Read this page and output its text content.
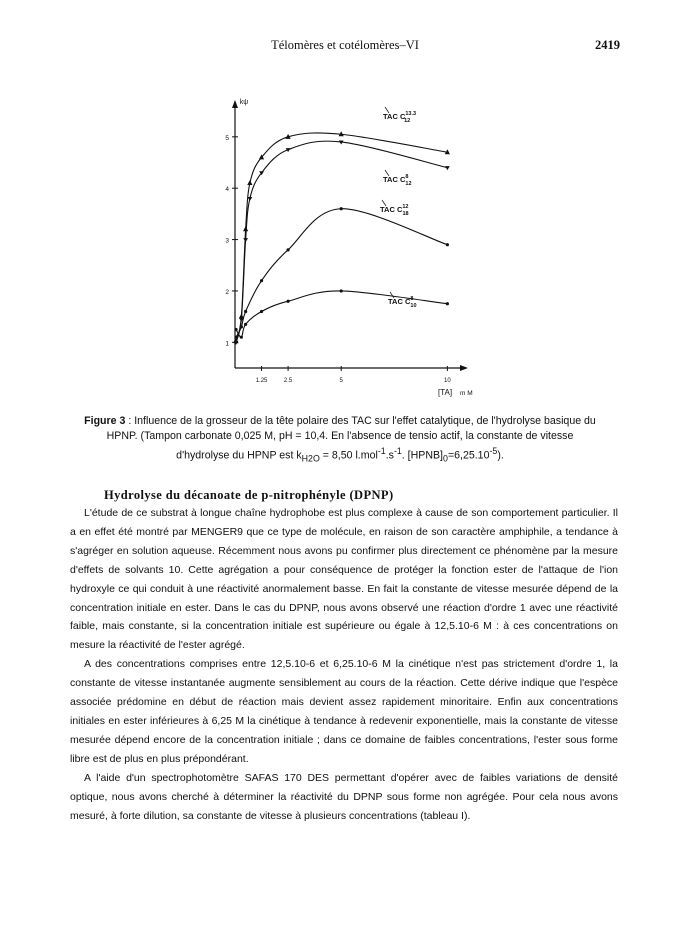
Télomères et cotélomères–VI	2419
kψ
1
2
3
4
5
1.25	2.5	5	10
[TA] m M
TAC $C^{13.3}$ 12
TAC $C^8$ 12
TAC $C^{12}$ 18
TAC $C^8$ 10
Figure 3 : Influence de la grosseur de la tête polaire des TAC sur l'effet catalytique, de l'hydrolyse basique du HPNP. (Tampon carbonate 0,025 M, pH = 10,4. En l'absence de tensio actif, la constante de vitesse d'hydrolyse du HPNP est $k_{H2O} = 8,50$ $l.mol^{-1}.s^{-1}$. $[HPNB]_0=6,25.10^{-5}$).
Hydrolyse du décanoate de p-nitrophényle (DPNP)

L'étude de ce substrat à longue chaîne hydrophobe est plus complexe à cause de son comportement particulier. Il a en effet été montré par MENGER9 que ce type de molécule, en raison de son caractère amphiphile, a tendance à s'agréger en solution aqueuse. Récemment nous avons pu confirmer plus directement ce phénomène par la mesure d'effets de solvants 10. Cette agrégation a pour conséquence de protéger la fonction ester de l'attaque de l'ion hydroxyle ce qui conduit à une réactivité anormalement basse. En fait la constante de vitesse mesurée dépend de la concentration initiale en ester. Dans le cas du DPNP, nous avons observé une réaction d'ordre 1 avec une réactivité faible, mais constante, si la concentration initiale est supérieure ou égale à 12,5.10-6 M : à ces concentrations on mesure la réactivité de l'ester agrégé.

A des concentrations comprises entre 12,5.10-6 et 6,25.10-6 M la cinétique n'est pas strictement d'ordre 1, la constante de vitesse instantanée augmente sensiblement au cours de la réaction. Cette dérive indique que l'espèce associée prédomine en début de réaction mais devient assez rapidement minoritaire. Enfin aux concentrations initiales en ester inférieures à 6,25 M la cinétique à tendance à redevenir exponentielle, mais la constante de vitesse mesurée dépend encore de la concentration initiale ; dans ce domaine de faibles concentrations, l'ester sous forme libre est de plus en plus prépondérant.

A l'aide d'un spectrophotomètre SAFAS 170 DES permettant d'opérer avec de faibles variations de densité optique, nous avons cherché à déterminer la réactivité du DPNP sous forme non agrégée. Pour cela nous avons mesuré, à forte dilution, sa constante de vitesse à plusieurs concentrations (tableau I).
